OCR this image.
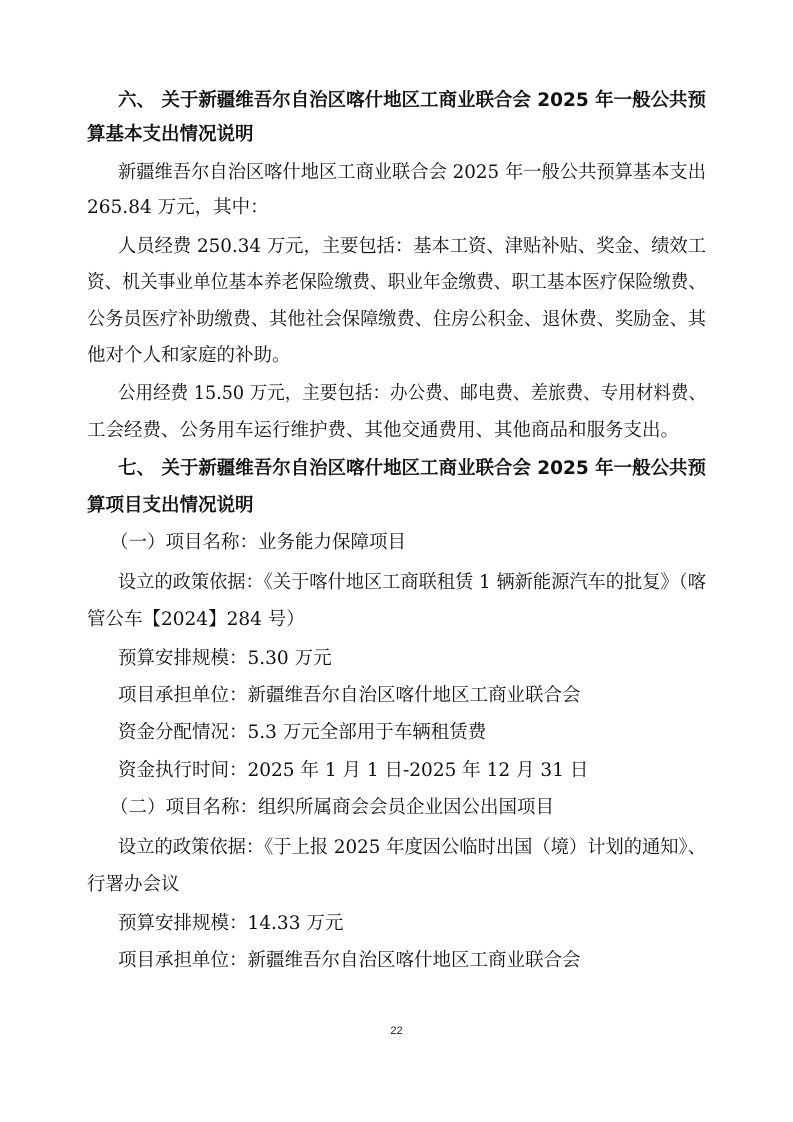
六、 关于新疆维吾尔自治区喀什地区工商业联合会 2025 年一般公共预
算基本支出情况说明
新疆维吾尔自治区喀什地区工商业联合会 2025 年一般公共预算基本支出
265.84 万元，其中：
人员经费 250.34 万元，主要包括：基本工资、津贴补贴、奖金、绩效工
资、机关事业单位基本养老保险缴费、职业年金缴费、职工基本医疗保险缴费、
公务员医疗补助缴费、其他社会保障缴费、住房公积金、退休费、奖励金、其
他对个人和家庭的补助。
公用经费 15.50 万元，主要包括：办公费、邮电费、差旅费、专用材料费、
工会经费、公务用车运行维护费、其他交通费用、其他商品和服务支出。
七、 关于新疆维吾尔自治区喀什地区工商业联合会 2025 年一般公共预
算项目支出情况说明
（一）项目名称：业务能力保障项目
设立的政策依据：《关于喀什地区工商联租赁 1 辆新能源汽车的批复》（喀
管公车【2024】284 号）
预算安排规模：5.30 万元
项目承担单位：新疆维吾尔自治区喀什地区工商业联合会
资金分配情况：5.3 万元全部用于车辆租赁费
资金执行时间：2025 年 1 月 1 日-2025 年 12 月 31 日
（二）项目名称：组织所属商会会员企业因公出国项目
设立的政策依据：《于上报 2025 年度因公临时出国（境）计划的通知》、
行署办会议
预算安排规模：14.33 万元
项目承担单位：新疆维吾尔自治区喀什地区工商业联合会
22
